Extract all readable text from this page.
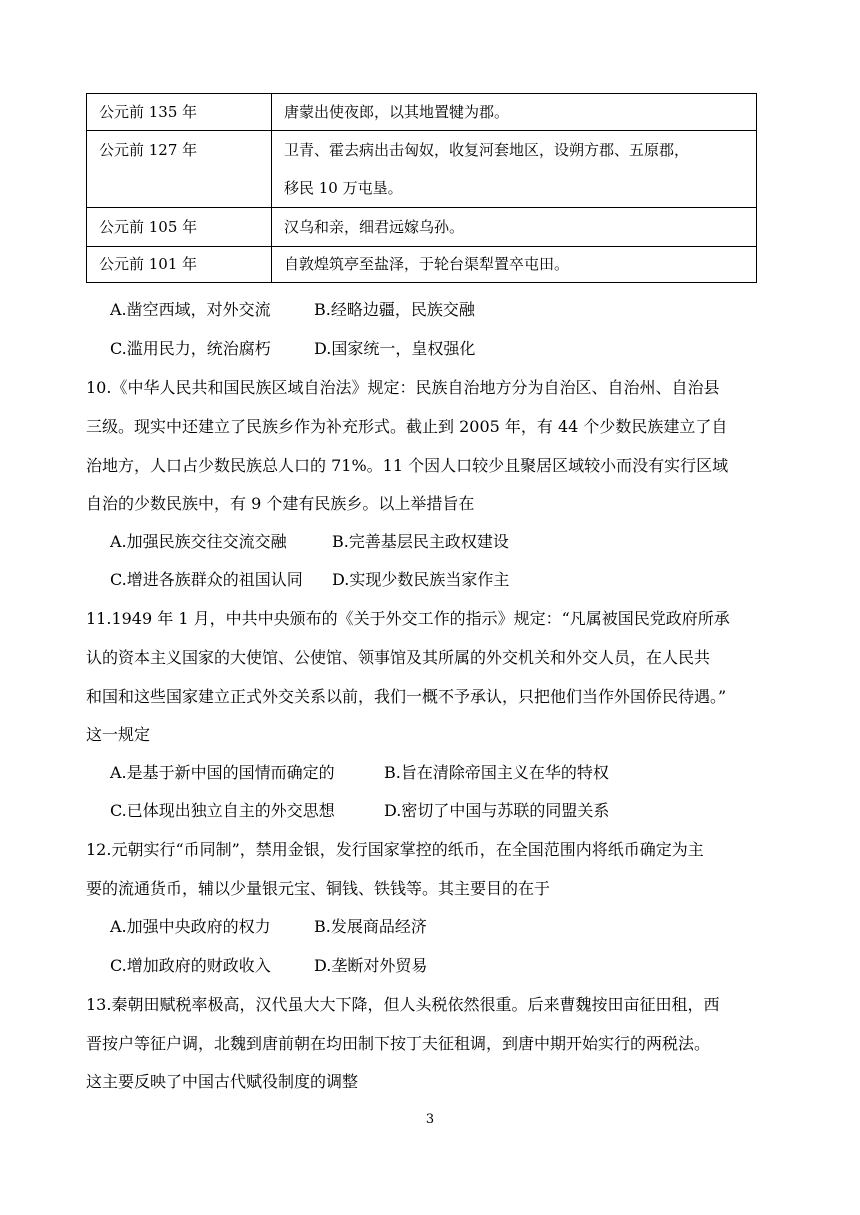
公元前 135 年	唐蒙出使夜郎，以其地置犍为郡。
公元前 127 年	卫青、霍去病出击匈奴，收复河套地区，设朔方郡、五原郡，
移民 10 万屯垦。

公元前 105 年	汉乌和亲，细君远嫁乌孙。
公元前 101 年	自敦煌筑亭至盐泽，于轮台渠犁置卒屯田。
A.凿空西域，对外交流	B.经略边疆，民族交融
C.滥用民力，统治腐朽	D.国家统一，皇权强化
10.《中华人民共和国民族区域自治法》规定：民族自治地方分为自治区、自治州、自治县
三级。现实中还建立了民族乡作为补充形式。截止到 2005 年，有 44 个少数民族建立了自
治地方，人口占少数民族总人口的 71%。11 个因人口较少且聚居区域较小而没有实行区域
自治的少数民族中，有 9 个建有民族乡。以上举措旨在
A.加强民族交往交流交融	B.完善基层民主政权建设
C.增进各族群众的祖国认同 D.实现少数民族当家作主
11.1949 年 1 月，中共中央颁布的《关于外交工作的指示》规定：“凡属被国民党政府所承
认的资本主义国家的大使馆、公使馆、领事馆及其所属的外交机关和外交人员，在人民共
和国和这些国家建立正式外交关系以前，我们一概不予承认，只把他们当作外国侨民待遇。”
这一规定
A.是基于新中国的国情而确定的	B.旨在清除帝国主义在华的特权
C.已体现出独立自主的外交思想	D.密切了中国与苏联的同盟关系
12.元朝实行“币同制”，禁用金银，发行国家掌控的纸币，在全国范围内将纸币确定为主
要的流通货币，辅以少量银元宝、铜钱、铁钱等。其主要目的在于
A.加强中央政府的权力	B.发展商品经济
C.增加政府的财政收入	D.垄断对外贸易
13.秦朝田赋税率极高，汉代虽大大下降，但人头税依然很重。后来曹魏按田亩征田租，西
晋按户等征户调，北魏到唐前朝在均田制下按丁夫征租调，到唐中期开始实行的两税法。
这主要反映了中国古代赋役制度的调整
3
